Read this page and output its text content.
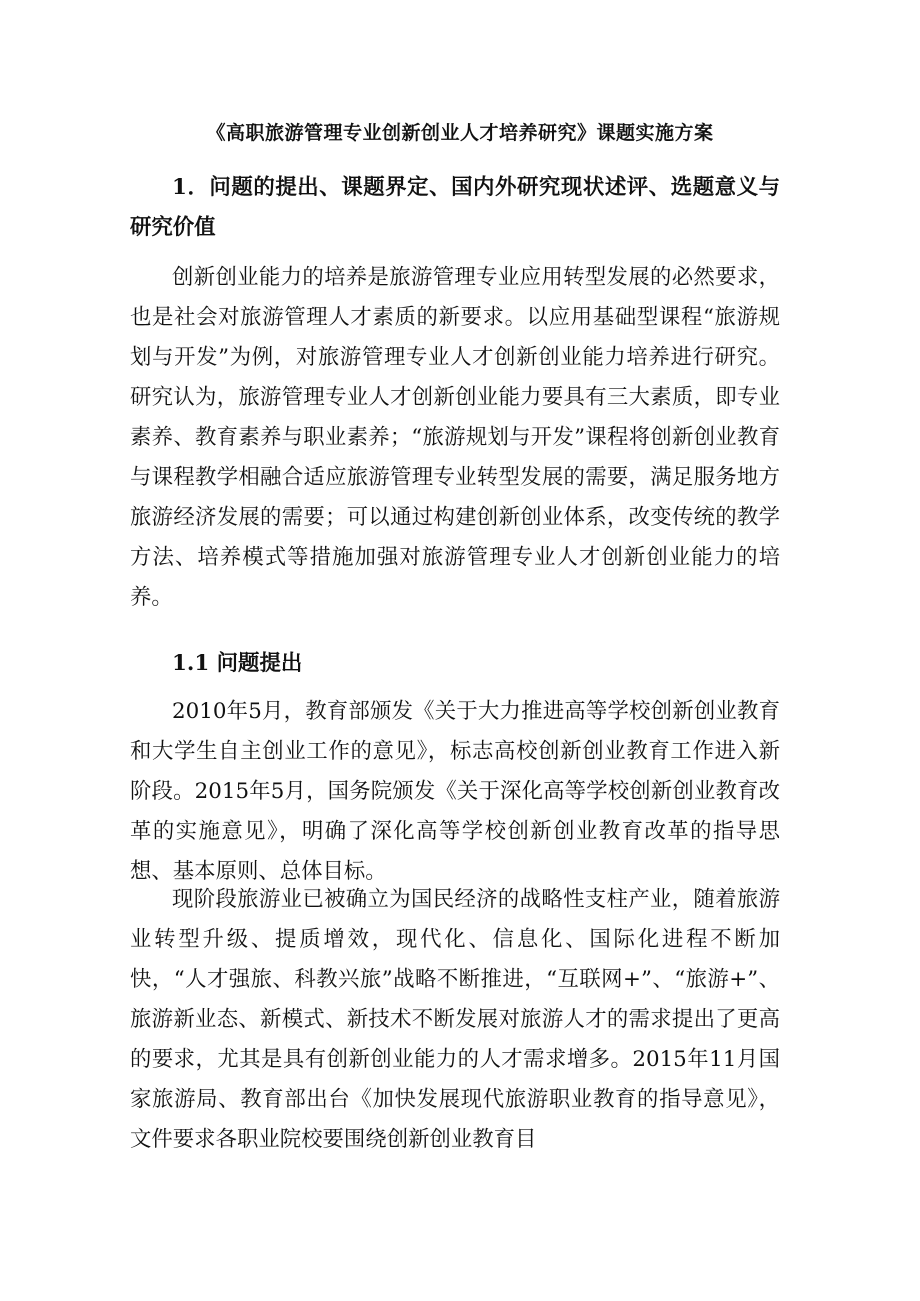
《高职旅游管理专业创新创业人才培养研究》课题实施方案

1．问题的提出、课题界定、国内外研究现状述评、选题意义与研究价值

创新创业能力的培养是旅游管理专业应用转型发展的必然要求，也是社会对旅游管理人才素质的新要求。以应用基础型课程“旅游规划与开发”为例，对旅游管理专业人才创新创业能力培养进行研究。研究认为，旅游管理专业人才创新创业能力要具有三大素质，即专业素养、教育素养与职业素养；“旅游规划与开发”课程将创新创业教育与课程教学相融合适应旅游管理专业转型发展的需要，满足服务地方旅游经济发展的需要；可以通过构建创新创业体系，改变传统的教学方法、培养模式等措施加强对旅游管理专业人才创新创业能力的培养。

1.1 问题提出

2010年5月，教育部颁发《关于大力推进高等学校创新创业教育和大学生自主创业工作的意见》，标志高校创新创业教育工作进入新阶段。2015年5月，国务院颁发《关于深化高等学校创新创业教育改革的实施意见》，明确了深化高等学校创新创业教育改革的指导思想、基本原则、总体目标。

现阶段旅游业已被确立为国民经济的战略性支柱产业，随着旅游业转型升级、提质增效，现代化、信息化、国际化进程不断加快，“人才强旅、科教兴旅”战略不断推进，“互联网+”、“旅游+”、旅游新业态、新模式、新技术不断发展对旅游人才的需求提出了更高的要求，尤其是具有创新创业能力的人才需求增多。2015年11月国家旅游局、教育部出台《加快发展现代旅游职业教育的指导意见》，文件要求各职业院校要围绕创新创业教育目
